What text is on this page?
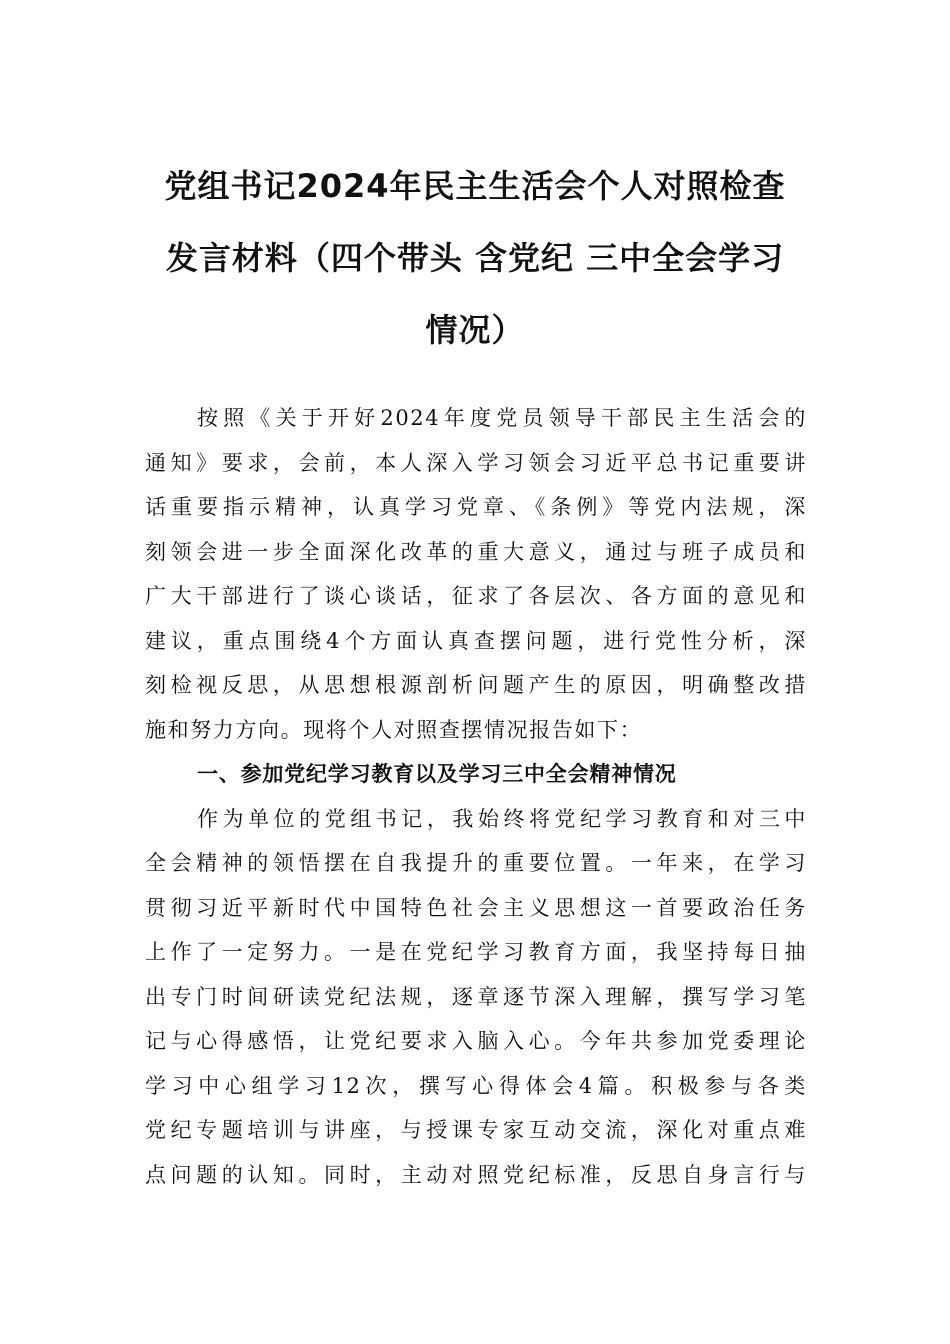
党组书记2024年民主生活会个人对照检查
发言材料（四个带头 含党纪 三中全会学习
情况）
按照《关于开好2024年度党员领导干部民主生活会的
通知》要求，会前，本人深入学习领会习近平总书记重要讲
话重要指示精神，认真学习党章、《条例》等党内法规，深
刻领会进一步全面深化改革的重大意义，通过与班子成员和
广大干部进行了谈心谈话，征求了各层次、各方面的意见和
建议，重点围绕4个方面认真查摆问题，进行党性分析，深
刻检视反思，从思想根源剖析问题产生的原因，明确整改措
施和努力方向。现将个人对照查摆情况报告如下：
一、参加党纪学习教育以及学习三中全会精神情况
作为单位的党组书记，我始终将党纪学习教育和对三中
全会精神的领悟摆在自我提升的重要位置。一年来，在学习
贯彻习近平新时代中国特色社会主义思想这一首要政治任务
上作了一定努力。一是在党纪学习教育方面，我坚持每日抽
出专门时间研读党纪法规，逐章逐节深入理解，撰写学习笔
记与心得感悟，让党纪要求入脑入心。今年共参加党委理论
学习中心组学习12次，撰写心得体会4篇。积极参与各类
党纪专题培训与讲座，与授课专家互动交流，深化对重点难
点问题的认知。同时，主动对照党纪标准，反思自身言行与
